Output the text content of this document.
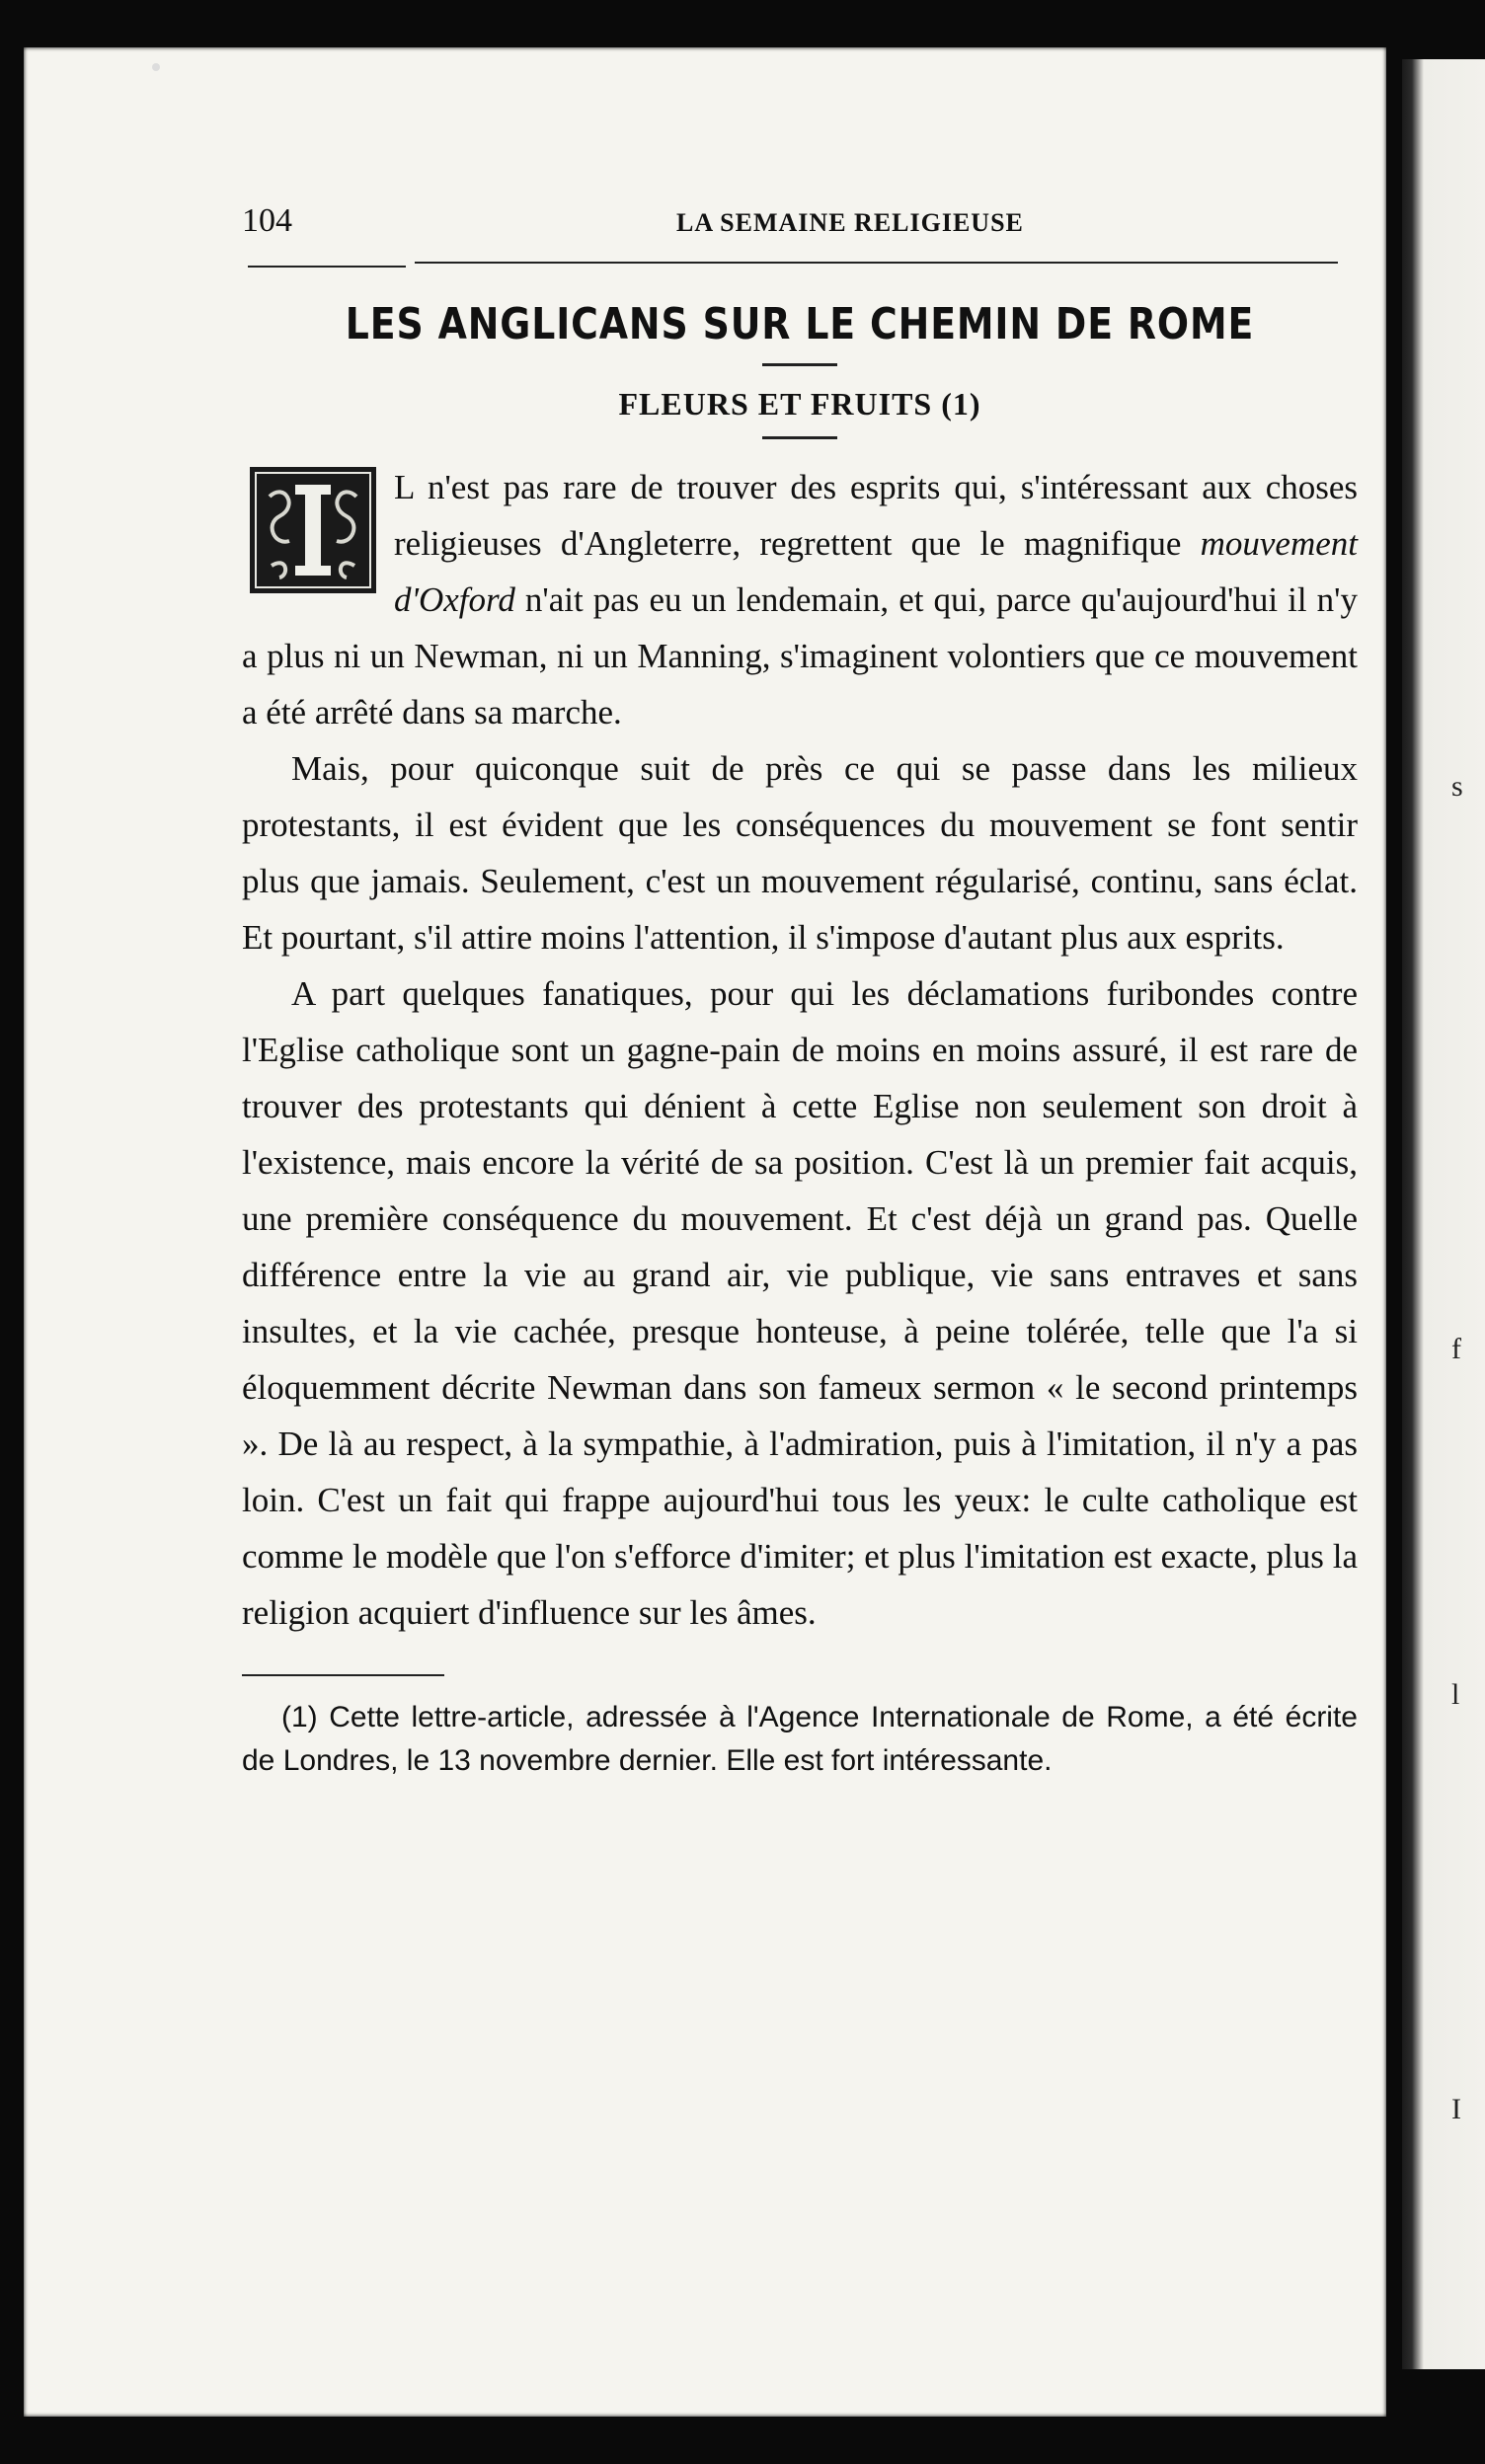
s
f
l
I
104	LA SEMAINE RELIGIEUSE
LES ANGLICANS SUR LE CHEMIN DE ROME
FLEURS ET FRUITS (1)

L n'est pas rare de trouver des esprits qui, s'intéressant aux choses religieuses d'Angleterre, regrettent que le magnifique mouvement d'Oxford n'ait pas eu un lendemain, et qui, parce qu'aujourd'hui il n'y a plus ni un Newman, ni un Manning, s'imaginent volontiers que ce mouvement a été arrêté dans sa marche.

Mais, pour quiconque suit de près ce qui se passe dans les milieux protestants, il est évident que les conséquences du mouvement se font sentir plus que jamais. Seulement, c'est un mouvement régularisé, continu, sans éclat. Et pourtant, s'il attire moins l'attention, il s'impose d'autant plus aux esprits.

A part quelques fanatiques, pour qui les déclamations furibondes contre l'Eglise catholique sont un gagne-pain de moins en moins assuré, il est rare de trouver des protestants qui dénient à cette Eglise non seulement son droit à l'existence, mais encore la vérité de sa position. C'est là un premier fait acquis, une première conséquence du mouvement. Et c'est déjà un grand pas. Quelle différence entre la vie au grand air, vie publique, vie sans entraves et sans insultes, et la vie cachée, presque honteuse, à peine tolérée, telle que l'a si éloquemment décrite Newman dans son fameux sermon « le second printemps ». De là au respect, à la sympathie, à l'admiration, puis à l'imitation, il n'y a pas loin. C'est un fait qui frappe aujourd'hui tous les yeux: le culte catholique est comme le modèle que l'on s'efforce d'imiter; et plus l'imitation est exacte, plus la religion acquiert d'influence sur les âmes.

(1) Cette lettre-article, adressée à l'Agence Internationale de Rome, a été écrite de Londres, le 13 novembre dernier. Elle est fort intéressante.
